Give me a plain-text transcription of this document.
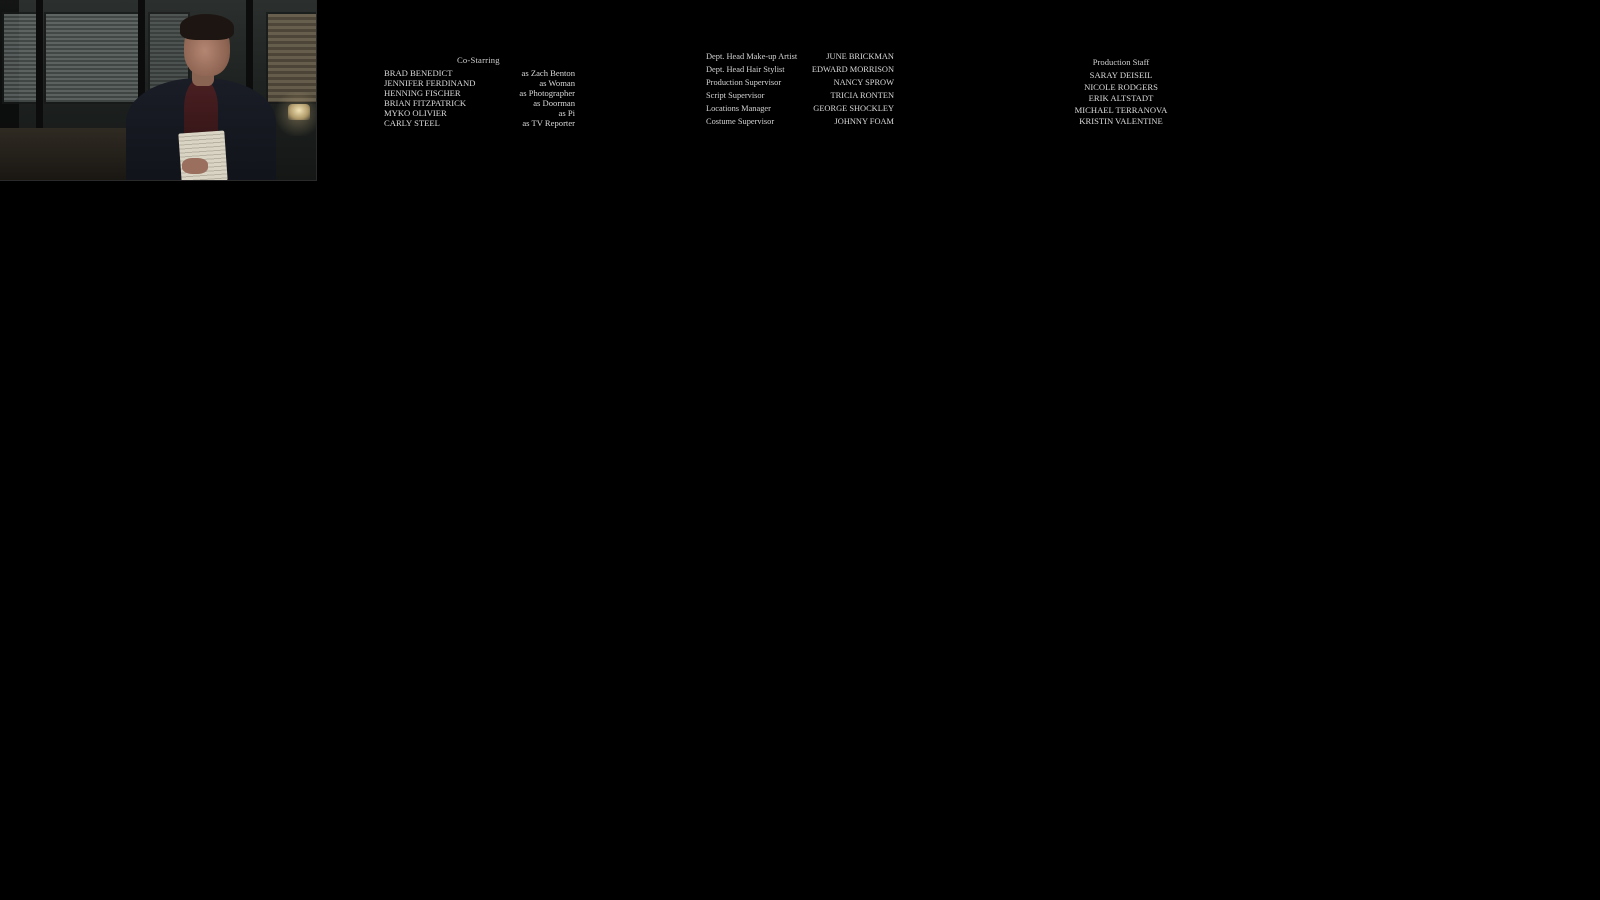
Co-Starring
BRAD BENEDICT	as Zach Benton
JENNIFER FERDINAND	as Woman
HENNING FISCHER	as Photographer
BRIAN FITZPATRICK	as Doorman
MYKO OLIVIER	as Pi
CARLY STEEL	as TV Reporter
Dept. Head Make-up Artist	JUNE BRICKMAN
Dept. Head Hair Stylist	EDWARD MORRISON
Production Supervisor	NANCY SPROW
Script Supervisor	TRICIA RONTEN
Locations Manager	GEORGE SHOCKLEY
Costume Supervisor	JOHNNY FOAM
Production Staff
SARAY DEISEIL
NICOLE RODGERS
ERIK ALTSTADT
MICHAEL TERRANOVA
KRISTIN VALENTINE
